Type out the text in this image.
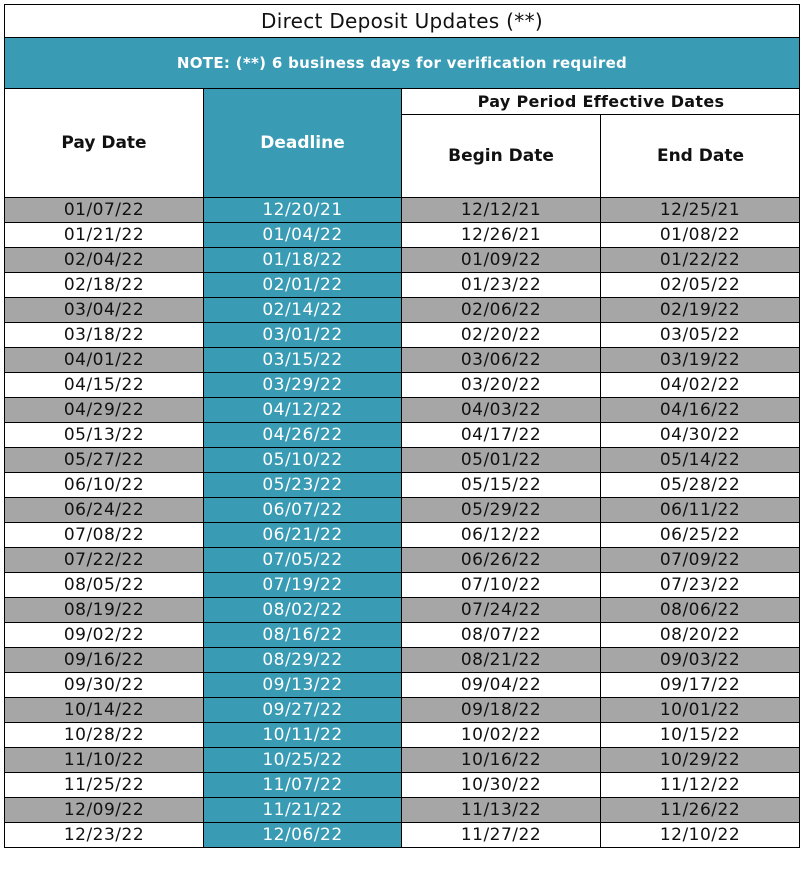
Direct Deposit Updates (**)
NOTE: (**) 6 business days for verification required
Pay Date	Deadline
Pay Period Effective Dates
Begin Date	End Date
01/07/22	12/20/21	12/12/21	12/25/21
01/21/22	01/04/22	12/26/21	01/08/22
02/04/22	01/18/22	01/09/22	01/22/22
02/18/22	02/01/22	01/23/22	02/05/22
03/04/22	02/14/22	02/06/22	02/19/22
03/18/22	03/01/22	02/20/22	03/05/22
04/01/22	03/15/22	03/06/22	03/19/22
04/15/22	03/29/22	03/20/22	04/02/22
04/29/22	04/12/22	04/03/22	04/16/22
05/13/22	04/26/22	04/17/22	04/30/22
05/27/22	05/10/22	05/01/22	05/14/22
06/10/22	05/23/22	05/15/22	05/28/22
06/24/22	06/07/22	05/29/22	06/11/22
07/08/22	06/21/22	06/12/22	06/25/22
07/22/22	07/05/22	06/26/22	07/09/22
08/05/22	07/19/22	07/10/22	07/23/22
08/19/22	08/02/22	07/24/22	08/06/22
09/02/22	08/16/22	08/07/22	08/20/22
09/16/22	08/29/22	08/21/22	09/03/22
09/30/22	09/13/22	09/04/22	09/17/22
10/14/22	09/27/22	09/18/22	10/01/22
10/28/22	10/11/22	10/02/22	10/15/22
11/10/22	10/25/22	10/16/22	10/29/22
11/25/22	11/07/22	10/30/22	11/12/22
12/09/22	11/21/22	11/13/22	11/26/22
12/23/22	12/06/22	11/27/22	12/10/22
